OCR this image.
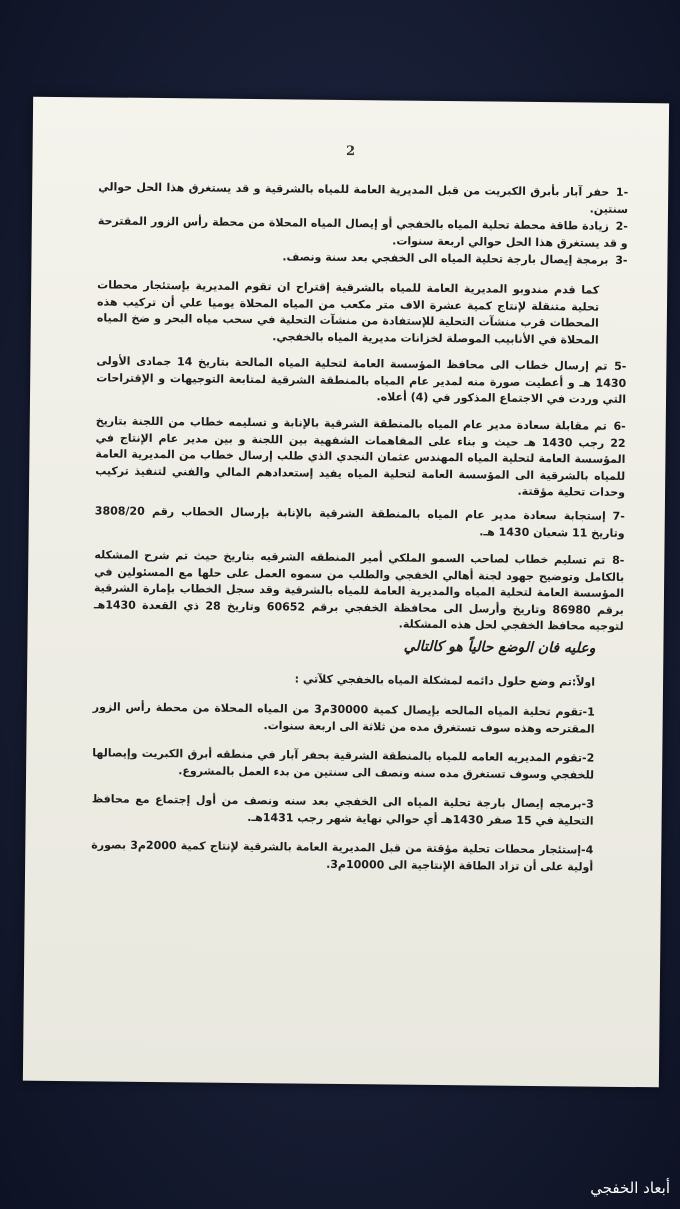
2
-1حفر آبار بأبرق الكبريت من قبل المديرية العامة للمياه بالشرقية و قد يستغرق هذا الحل حوالي سنتين.
-2زيادة طاقة محطة تحلية المياه بالخفجي أو إيصال المياه المحلاة من محطة رأس الزور المقترحة و قد يستغرق هذا الحل حوالي اربعة سنوات.
-3برمجة إيصال بارجة تحلية المياه الى الخفجي بعد سنة ونصف.
كما قدم مندوبو المديرية العامة للمياه بالشرقية إقتراح ان تقوم المديرية بإستئجار محطات تحلية متنقلة لإنتاج كمية عشرة الاف متر مكعب من المياه المحلاة يوميا علي أن تركيب هذه المحطات قرب منشآت التحلية للإستفادة من منشآت التحلية في سحب مياه البحر و ضخ المياه المحلاة في الأنابيب الموصلة لخزانات مديرية المياه بالخفجي.
-5تم إرسال خطاب الى محافظ المؤسسة العامة لتحلية المياه المالحة بتاريخ 14 جمادى الأولى 1430 هـ و أعطيت صورة منه لمدير عام المياه بالمنطقة الشرقية لمتابعة التوجيهات و الإقتراحات التي وردت في الاجتماع المذكور في (4) أعلاه.
-6تم مقابلة سعادة مدير عام المياه بالمنطقة الشرقية بالإنابة و تسليمه خطاب من اللجنة بتاريخ 22 رجب 1430 هـ حيث و بناء على المفاهمات الشفهية بين اللجنة و بين مدير عام الإنتاج في المؤسسة العامة لتحلية المياه المهندس عثمان النجدي الذي طلب إرسال خطاب من المديرية العامة للمياه بالشرقية الى المؤسسة العامة لتحلية المياه يفيد إستعدادهم المالي والفني لتنفيذ تركيب وحدات تحلية مؤقتة.
-7إستجابة سعادة مدير عام المياه بالمنطقة الشرقية بالإنابة بإرسال الخطاب رقم 3808/20 وتاريخ 11 شعبان 1430 هـ.
-8تم تسليم خطاب لصاحب السمو الملكي أمير المنطقه الشرقيه بتاريخ حيث تم شرح المشكله بالكامل وتوضيح جهود لجنة أهالي الخفجي والطلب من سموه العمل على حلها مع المسئولين في المؤسسة العامة لتحلية المياه والمديرية العامة للمياه بالشرقية وقد سجل الخطاب بإمارة الشرقية برقم 86980 وتاريخ وأرسل الى محافظة الخفجي برقم 60652 وتاريخ 28 ذي القعدة 1430هـ لتوجيه محافظ الخفجي لحل هذه المشكلة.
وعليه فان الوضع حالياً هو كالتالي
اولاً:تم وضع حلول دائمه لمشكلة المياه بالخفجي كلآتي :
1-تقوم تحلية المياه المالحه بإيصال كمية 30000م3 من المياه المحلاة من محطة رأس الزور المقترحه وهذه سوف تستغرق مده من ثلاثة الى اربعة سنوات.
2-تقوم المديريه العامه للمياه بالمنطقة الشرقية بحفر آبار في منطقه أبرق الكبريت وإيصالها للخفجي وسوف تستغرق مده سنه ونصف الى سنتين من بدء العمل بالمشروع.
3-برمجه إيصال بارجة تحلية المياه الى الخفجي بعد سنه ونصف من أول إجتماع مع محافظ التحلية في 15 صفر 1430هـ أي حوالي نهاية شهر رجب 1431هـ.
4-إستئجار محطات تحلية مؤقتة من قبل المديرية العامة بالشرقية لإنتاج كمية 2000م3 بصورة أولية على أن تزاد الطاقة الإنتاجية الى 10000م3.
أبعاد الخفجي
